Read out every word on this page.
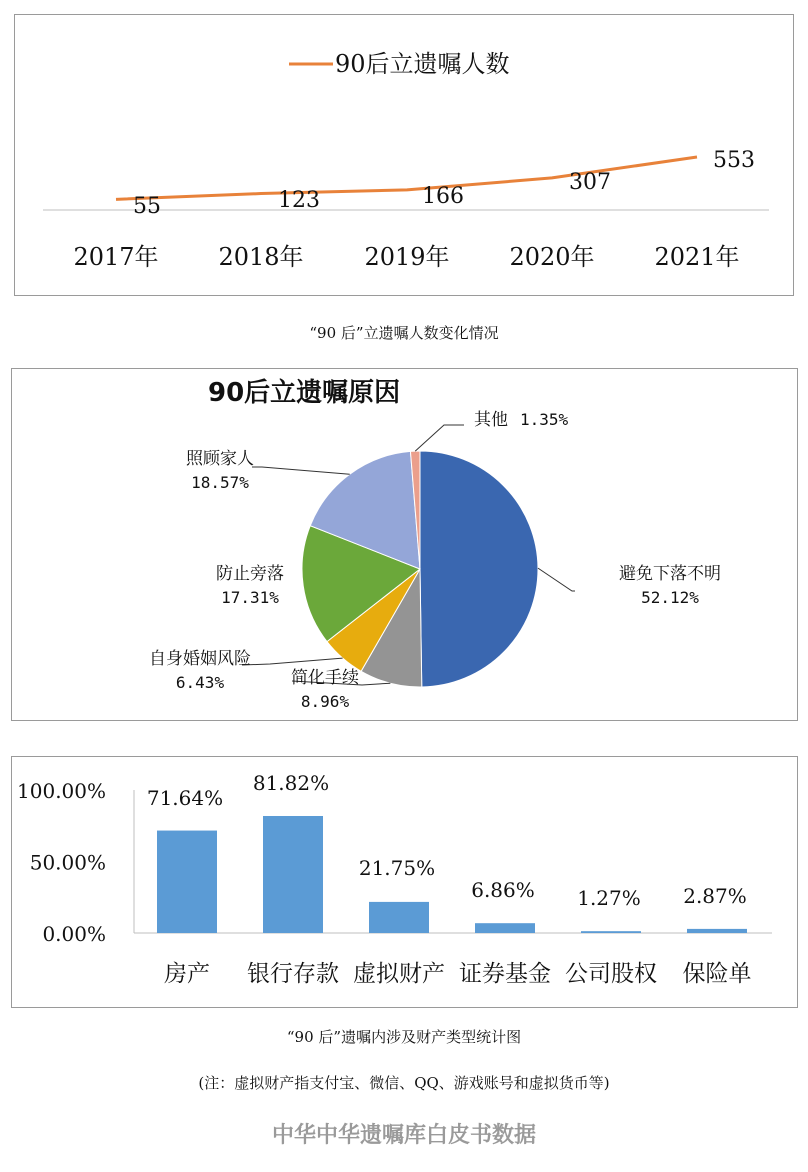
90后立遗嘱人数
55	123	166
307
553
2017年 2018年	2019年 2020年 2021年
“90 后”立遗嘱人数变化情况
90后立遗嘱原因
避免下落不明
52.12%
简化手续
8.96%
自身婚姻风险
6.43%
防止旁落
17.31%
照顾家人
18.57%
其他 1.35%
0.00%
50.00%
100.00% 71.64%
81.82%
21.75%
6.86% 1.27% 2.87%
房产 银行存款 虚拟财产 证券基金 公司股权 保险单
“90 后”遗嘱内涉及财产类型统计图
(注：虚拟财产指支付宝、微信、QQ、游戏账号和虚拟货币等)
中华中华遗嘱库白皮书数据
